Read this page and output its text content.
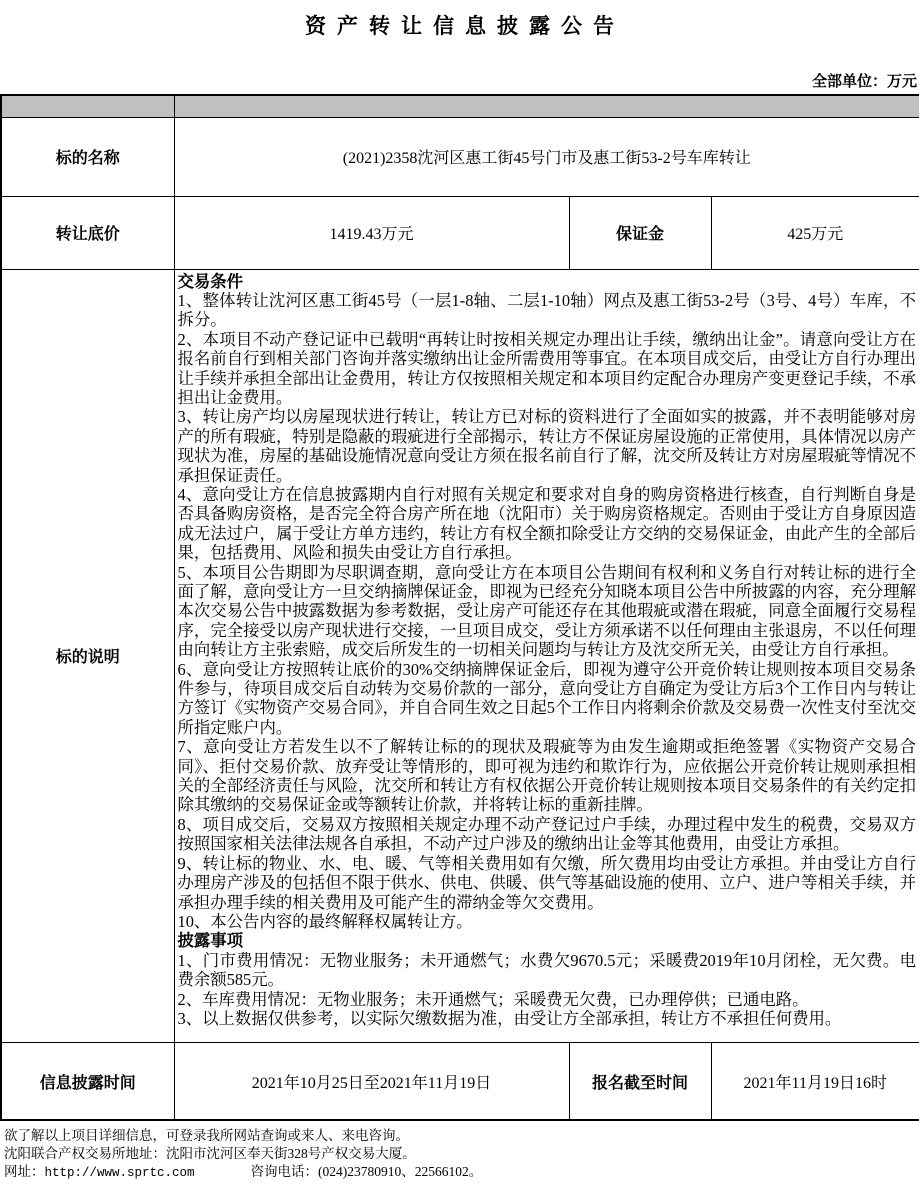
资产转让信息披露公告
全部单位：万元

标的名称	(2021)2358沈河区惠工街45号门市及惠工街53-2号车库转让		
转让底价	1419.43万元	保证金	425万元
标的说明	

交易条件

1、整体转让沈河区惠工街45号（一层1-8轴、二层1-10轴）网点及惠工街53-2号（3号、4号）车库，不拆分。

2、本项目不动产登记证中已载明“再转让时按相关规定办理出让手续，缴纳出让金”。请意向受让方在报名前自行到相关部门咨询并落实缴纳出让金所需费用等事宜。在本项目成交后，由受让方自行办理出让手续并承担全部出让金费用，转让方仅按照相关规定和本项目约定配合办理房产变更登记手续，不承担出让金费用。

3、转让房产均以房屋现状进行转让，转让方已对标的资料进行了全面如实的披露，并不表明能够对房产的所有瑕疵，特别是隐蔽的瑕疵进行全部揭示，转让方不保证房屋设施的正常使用，具体情况以房产现状为准，房屋的基础设施情况意向受让方须在报名前自行了解，沈交所及转让方对房屋瑕疵等情况不承担保证责任。

4、意向受让方在信息披露期内自行对照有关规定和要求对自身的购房资格进行核查，自行判断自身是否具备购房资格，是否完全符合房产所在地（沈阳市）关于购房资格规定。否则由于受让方自身原因造成无法过户，属于受让方单方违约，转让方有权全额扣除受让方交纳的交易保证金，由此产生的全部后果，包括费用、风险和损失由受让方自行承担。

5、本项目公告期即为尽职调查期，意向受让方在本项目公告期间有权利和义务自行对转让标的进行全面了解，意向受让方一旦交纳摘牌保证金，即视为已经充分知晓本项目公告中所披露的内容，充分理解本次交易公告中披露数据为参考数据，受让房产可能还存在其他瑕疵或潜在瑕疵，同意全面履行交易程序，完全接受以房产现状进行交接，一旦项目成交，受让方须承诺不以任何理由主张退房，不以任何理由向转让方主张索赔，成交后所发生的一切相关问题均与转让方及沈交所无关，由受让方自行承担。

6、意向受让方按照转让底价的30%交纳摘牌保证金后，即视为遵守公开竞价转让规则按本项目交易条件参与，待项目成交后自动转为交易价款的一部分，意向受让方自确定为受让方后3个工作日内与转让方签订《实物资产交易合同》，并自合同生效之日起5个工作日内将剩余价款及交易费一次性支付至沈交所指定账户内。

7、意向受让方若发生以不了解转让标的的现状及瑕疵等为由发生逾期或拒绝签署《实物资产交易合同》、拒付交易价款、放弃受让等情形的，即可视为违约和欺诈行为，应依据公开竞价转让规则承担相关的全部经济责任与风险，沈交所和转让方有权依据公开竞价转让规则按本项目交易条件的有关约定扣除其缴纳的交易保证金或等额转让价款，并将转让标的重新挂牌。

8、项目成交后，交易双方按照相关规定办理不动产登记过户手续，办理过程中发生的税费，交易双方按照国家相关法律法规各自承担，不动产过户涉及的缴纳出让金等其他费用，由受让方承担。

9、转让标的物业、水、电、暖、气等相关费用如有欠缴，所欠费用均由受让方承担。并由受让方自行办理房产涉及的包括但不限于供水、供电、供暖、供气等基础设施的使用、立户、进户等相关手续，并承担办理手续的相关费用及可能产生的滞纳金等欠交费用。

10、本公告内容的最终解释权属转让方。

披露事项

1、门市费用情况：无物业服务；未开通燃气；水费欠9670.5元；采暖费2019年10月闭栓，无欠费。电费余额585元。

2、车库费用情况：无物业服务；未开通燃气；采暖费无欠费，已办理停供；已通电路。

3、以上数据仅供参考，以实际欠缴数据为准，由受让方全部承担，转让方不承担任何费用。

信息披露时间	2021年10月25日至2021年11月19日	报名截至时间	2021年11月19日16时
欲了解以上项目详细信息，可登录我所网站查询或来人、来电咨询。
沈阳联合产权交易所地址：沈阳市沈河区奉天街328号产权交易大厦。
网址：http://www.sprtc.com	咨询电话：(024)23780910、22566102。
